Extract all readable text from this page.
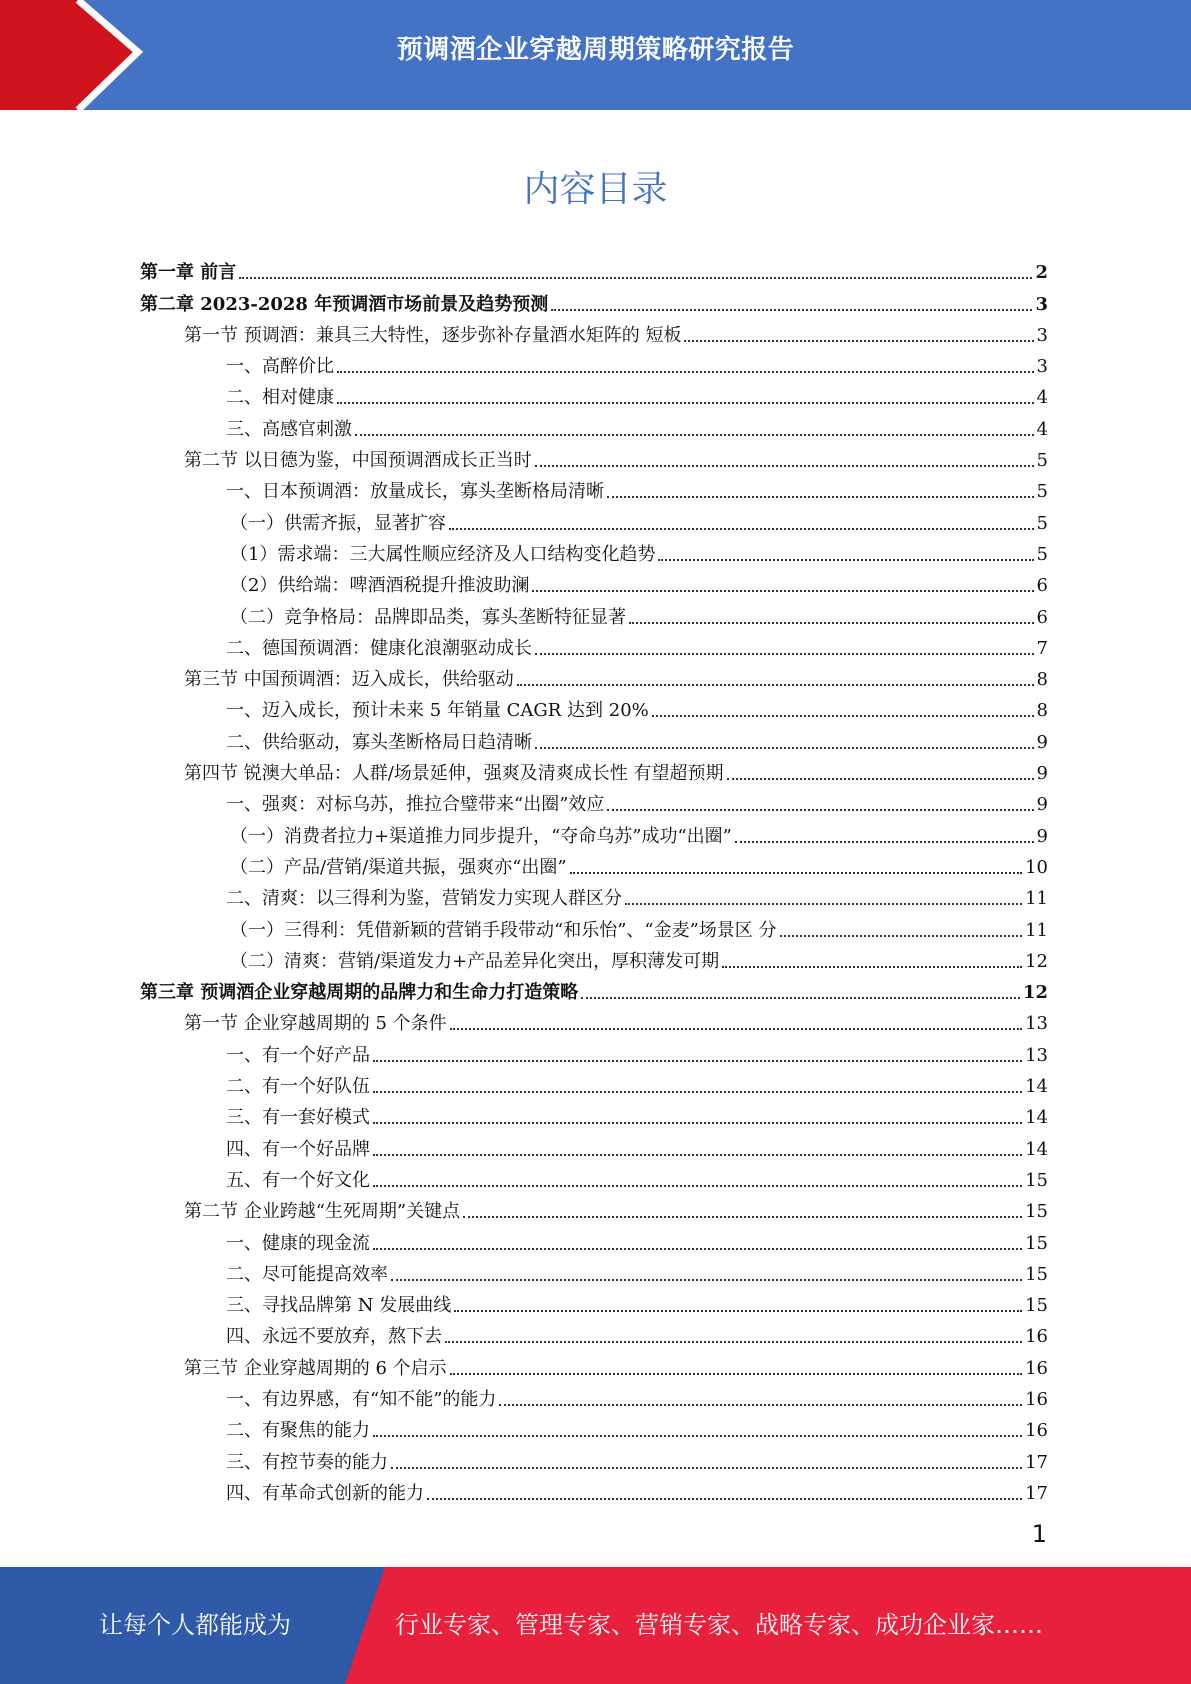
预调酒企业穿越周期策略研究报告
内容目录
第一章 前言	2
第二章 2023-2028 年预调酒市场前景及趋势预测	3
第一节 预调酒：兼具三大特性，逐步弥补存量酒水矩阵的 短板	3
一、高醉价比	3
二、相对健康	4
三、高感官刺激	4
第二节 以日德为鉴，中国预调酒成长正当时	5
一、日本预调酒：放量成长，寡头垄断格局清晰	5
（一）供需齐振，显著扩容	5
（1）需求端：三大属性顺应经济及人口结构变化趋势	5
（2）供给端：啤酒酒税提升推波助澜	6
（二）竞争格局：品牌即品类，寡头垄断特征显著	6
二、德国预调酒：健康化浪潮驱动成长	7
第三节 中国预调酒：迈入成长，供给驱动	8
一、迈入成长，预计未来 5 年销量 CAGR 达到 20%	8
二、供给驱动，寡头垄断格局日趋清晰	9
第四节 锐澳大单品：人群/场景延伸，强爽及清爽成长性 有望超预期	9
一、强爽：对标乌苏，推拉合璧带来“出圈”效应	9
（一）消费者拉力+渠道推力同步提升，“夺命乌苏”成功“出圈”	9
（二）产品/营销/渠道共振，强爽亦“出圈”	10
二、清爽：以三得利为鉴，营销发力实现人群区分	11
（一）三得利：凭借新颖的营销手段带动“和乐怡”、“金麦”场景区 分	11
（二）清爽：营销/渠道发力+产品差异化突出，厚积薄发可期	12
第三章 预调酒企业穿越周期的品牌力和生命力打造策略	12
第一节 企业穿越周期的 5 个条件	13
一、有一个好产品	13
二、有一个好队伍	14
三、有一套好模式	14
四、有一个好品牌	14
五、有一个好文化	15
第二节 企业跨越“生死周期”关键点	15
一、健康的现金流	15
二、尽可能提高效率	15
三、寻找品牌第 N 发展曲线	15
四、永远不要放弃，熬下去	16
第三节 企业穿越周期的 6 个启示	16
一、有边界感，有“知不能”的能力	16
二、有聚焦的能力	16
三、有控节奏的能力	17
四、有革命式创新的能力	17
1
让每个人都能成为	行业专家、管理专家、营销专家、战略专家、成功企业家……
